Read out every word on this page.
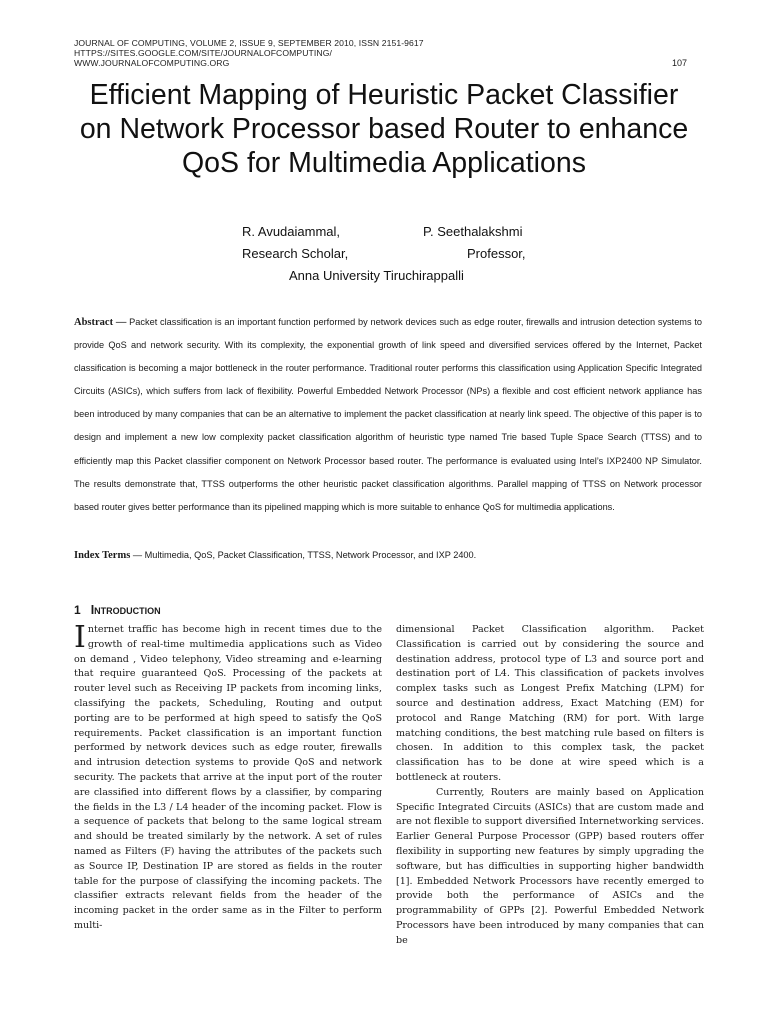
JOURNAL OF COMPUTING, VOLUME 2, ISSUE 9, SEPTEMBER 2010, ISSN 2151-9617
HTTPS://SITES.GOOGLE.COM/SITE/JOURNALOFCOMPUTING/
WWW.JOURNALOFCOMPUTING.ORG	107
Efficient Mapping of Heuristic Packet Classifier on Network Processor based Router to enhance QoS for Multimedia Applications
R. Avudaiammal,	P. Seethalakshmi
Research Scholar,	Professor,
Anna University Tiruchirappalli
Abstract — Packet classification is an important function performed by network devices such as edge router, firewalls and intrusion detection systems to provide QoS and network security. With its complexity, the exponential growth of link speed and diversified services offered by the Internet, Packet classification is becoming a major bottleneck in the router performance. Traditional router performs this classification using Application Specific Integrated Circuits (ASICs), which suffers from lack of flexibility. Powerful Embedded Network Processor (NPs) a flexible and cost efficient network appliance has been introduced by many companies that can be an alternative to implement the packet classification at nearly link speed. The objective of this paper is to design and implement a new low complexity packet classification algorithm of heuristic type named Trie based Tuple Space Search (TTSS) and to efficiently map this Packet classifier component on Network Processor based router. The performance is evaluated using Intel’s IXP2400 NP Simulator. The results demonstrate that, TTSS outperforms the other heuristic packet classification algorithms. Parallel mapping of TTSS on Network processor based router gives better performance than its pipelined mapping which is more suitable to enhance QoS for multimedia applications.
Index Terms — Multimedia, QoS, Packet Classification, TTSS, Network Processor, and IXP 2400.
1 Introduction

Internet traffic has become high in recent times due to the growth of real-time multimedia applications such as Video on demand , Video telephony, Video streaming and e-learning that require guaranteed QoS. Processing of the packets at router level such as Receiving IP packets from incoming links, classifying the packets, Scheduling, Routing and output porting are to be performed at high speed to satisfy the QoS requirements. Packet classification is an important function performed by network devices such as edge router, firewalls and intrusion detection systems to provide QoS and network security. The packets that arrive at the input port of the router are classified into different flows by a classifier, by comparing the fields in the L3 / L4 header of the incoming packet. Flow is a sequence of packets that belong to the same logical stream and should be treated similarly by the network. A set of rules named as Filters (F) having the attributes of the packets such as Source IP, Destination IP are stored as fields in the router table for the purpose of classifying the incoming packets. The classifier extracts relevant fields from the header of the incoming packet in the order same as in the Filter to perform multi-

dimensional Packet Classification algorithm. Packet Classification is carried out by considering the source and destination address, protocol type of L3 and source port and destination port of L4. This classification of packets involves complex tasks such as Longest Prefix Matching (LPM) for source and destination address, Exact Matching (EM) for protocol and Range Matching (RM) for port. With large matching conditions, the best matching rule based on filters is chosen. In addition to this complex task, the packet classification has to be done at wire speed which is a bottleneck at routers.

Currently, Routers are mainly based on Application Specific Integrated Circuits (ASICs) that are custom made and are not flexible to support diversified Internetworking services. Earlier General Purpose Processor (GPP) based routers offer flexibility in supporting new features by simply upgrading the software, but has difficulties in supporting higher bandwidth [1]. Embedded Network Processors have recently emerged to provide both the performance of ASICs and the programmability of GPPs [2]. Powerful Embedded Network Processors have been introduced by many companies that can be
